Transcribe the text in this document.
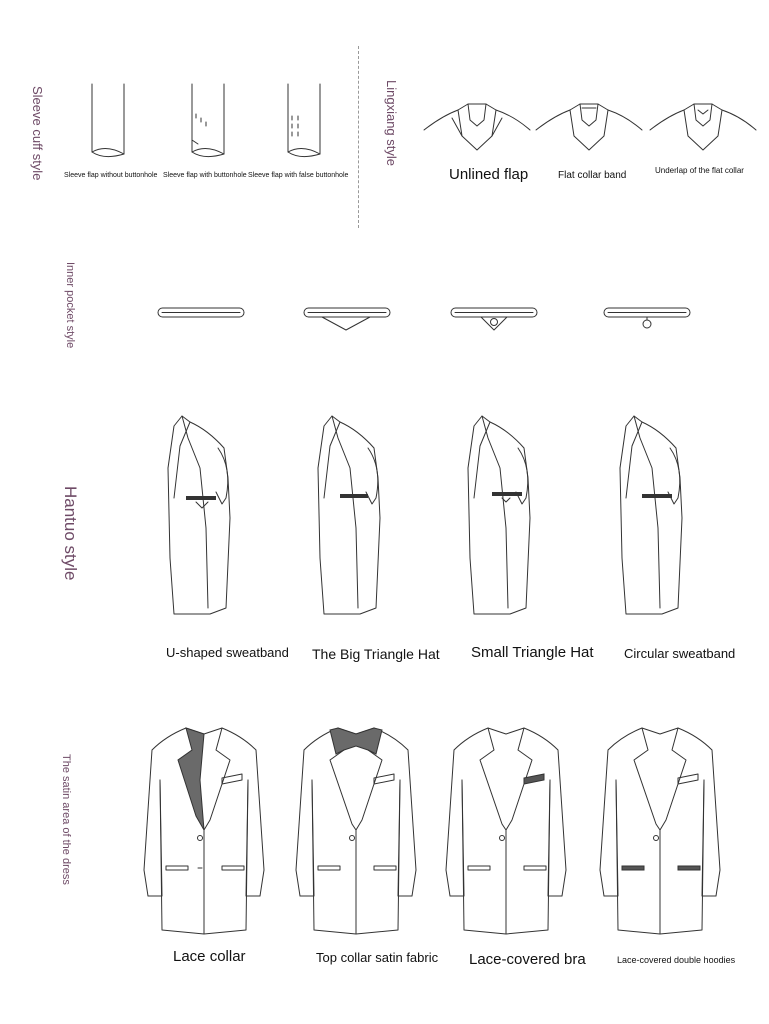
Sleeve cuff style	Sleeve flap without buttonhole Sleeve flap with buttonhole Sleeve flap with false buttonhole
Lingxiang style
Unlined flap	Flat collar band	Underlap of the flat collar
Inner pocket style
Hantuo style
U-shaped sweatband The Big Triangle Hat Small Triangle Hat Circular sweatband
The satin area of the dress
Lace collar	Top collar satin fabric Lace-covered bra	Lace-covered double hoodies
